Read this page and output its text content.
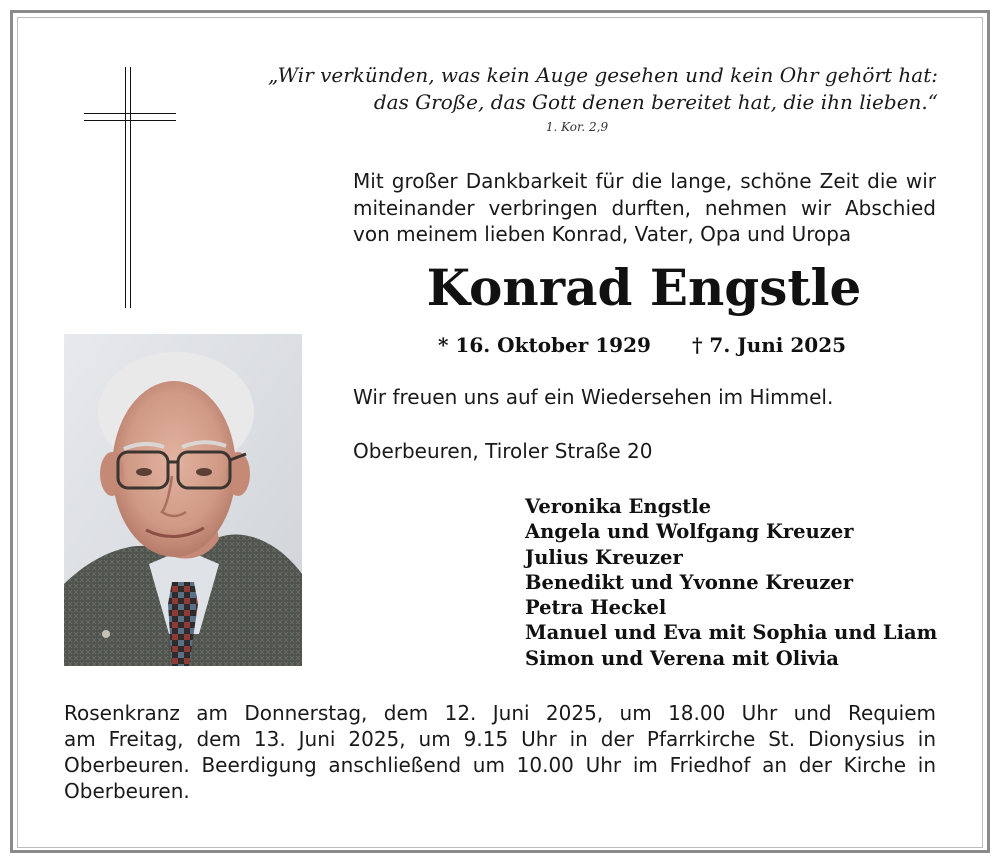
„Wir verkünden, was kein Auge gesehen und kein Ohr gehört hat:
das Große, das Gott denen bereitet hat, die ihn lieben.“
1. Kor. 2,9
Mit großer Dankbarkeit für die lange, schöne Zeit die wir
miteinander verbringen durften, nehmen wir Abschied
von meinem lieben Konrad, Vater, Opa und Uropa
Konrad Engstle
* 16. Oktober 1929 † 7. Juni 2025
Wir freuen uns auf ein Wiedersehen im Himmel.
Oberbeuren, Tiroler Straße 20
Veronika Engstle
Angela und Wolfgang Kreuzer
Julius Kreuzer
Benedikt und Yvonne Kreuzer
Petra Heckel
Manuel und Eva mit Sophia und Liam
Simon und Verena mit Olivia
Rosenkranz am Donnerstag, dem 12. Juni 2025, um 18.00 Uhr und Requiem
am Freitag, dem 13. Juni 2025, um 9.15 Uhr in der Pfarrkirche St. Dionysius in
Oberbeuren. Beerdigung anschließend um 10.00 Uhr im Friedhof an der Kirche in
Oberbeuren.
